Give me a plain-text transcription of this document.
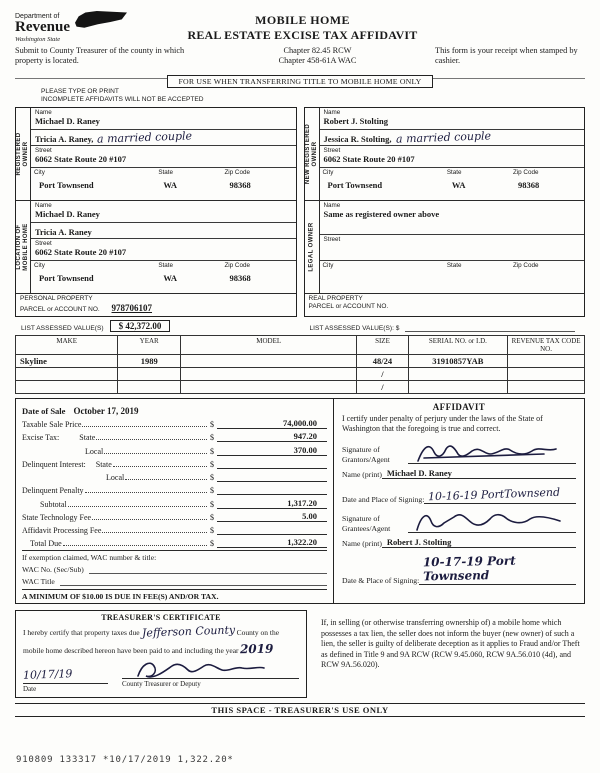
Department of
Revenue
Washington State
MOBILE HOME
REAL ESTATE EXCISE TAX AFFIDAVIT
Submit to County Treasurer of the county in which property is located.
Chapter 82.45 RCW
Chapter 458-61A WAC
This form is your receipt when stamped by cashier.
FOR USE WHEN TRANSFERRING TITLE TO MOBILE HOME ONLY
PLEASE TYPE OR PRINT
INCOMPLETE AFFIDAVITS WILL NOT BE ACCEPTED
REGISTERED OWNER
Name
Michael D. Raney
Tricia A. Raney, a married couple
Street
6062 State Route 20 #107
City
Port Townsend
State
WA
Zip Code
98368
LOCATION OF MOBILE HOME
Name
Michael D. Raney
Tricia A. Raney
Street
6062 State Route 20 #107
City
Port Townsend
State
WA
Zip Code
98368
PERSONAL PROPERTY
PARCEL or ACCOUNT NO. 978706107
NEW REGISTERED OWNER
Name
Robert J. Stolting
Jessica R. Stolting, a married couple
Street
6062 State Route 20 #107
City
Port Townsend
State
WA
Zip Code
98368
LEGAL OWNER
Name
Same as registered owner above
Street
City	State	Zip Code
REAL PROPERTY
PARCEL or ACCOUNT NO.
LIST ASSESSED VALUE(S)	$ 42,372.00	LIST ASSESSED VALUE(S): $
MAKE	YEAR	MODEL	SIZE	SERIAL NO. or I.D.	REVENUE TAX CODE NO.
Skyline	1989		48/24	31910857YAB	
			/		
			/		
Date of Sale October 17, 2019
Taxable Sale Price	$	74,000.00
Excise Tax:          State	$	947.20
Local	$	370.00
Delinquent Interest:     State	$
Local	$
Delinquent Penalty	$
Subtotal	$	1,317.20
State Technology Fee	$	5.00
Affidavit Processing Fee	$
Total Due	$	1,322.20
If exemption claimed, WAC number & title:
WAC No. (Sec/Sub)
WAC Title
A MINIMUM OF $10.00 IS DUE IN FEE(S) AND/OR TAX.
AFFIDAVIT
I certify under penalty of perjury under the laws of the State of Washington that the foregoing is true and correct.
Signature of
Grantors/Agent
Name (print) Michael D. Raney
Date and Place of Signing: 10-16-19 PortTownsend
Signature of
Grantees/Agent
Name (print) Robert J. Stolting
Date & Place of Signing:
10-17-19 Port Townsend
TREASURER'S CERTIFICATE
I hereby certify that property taxes due Jefferson County County on the mobile home described hereon have been paid to and including the year 2019
10/17/19
Date
County Treasurer or Deputy
If, in selling (or otherwise transferring ownership of) a mobile home which possesses a tax lien, the seller does not inform the buyer (new owner) of such a lien, the seller is guilty of deliberate deception as it applies to Fraud and/or Theft as defined in Title 9 and 9A RCW (RCW 9.45.060, RCW 9A.56.010 (4d), and RCW 9A.56.020).
THIS SPACE - TREASURER'S USE ONLY
910809 133317 *10/17/2019 1,322.20*
